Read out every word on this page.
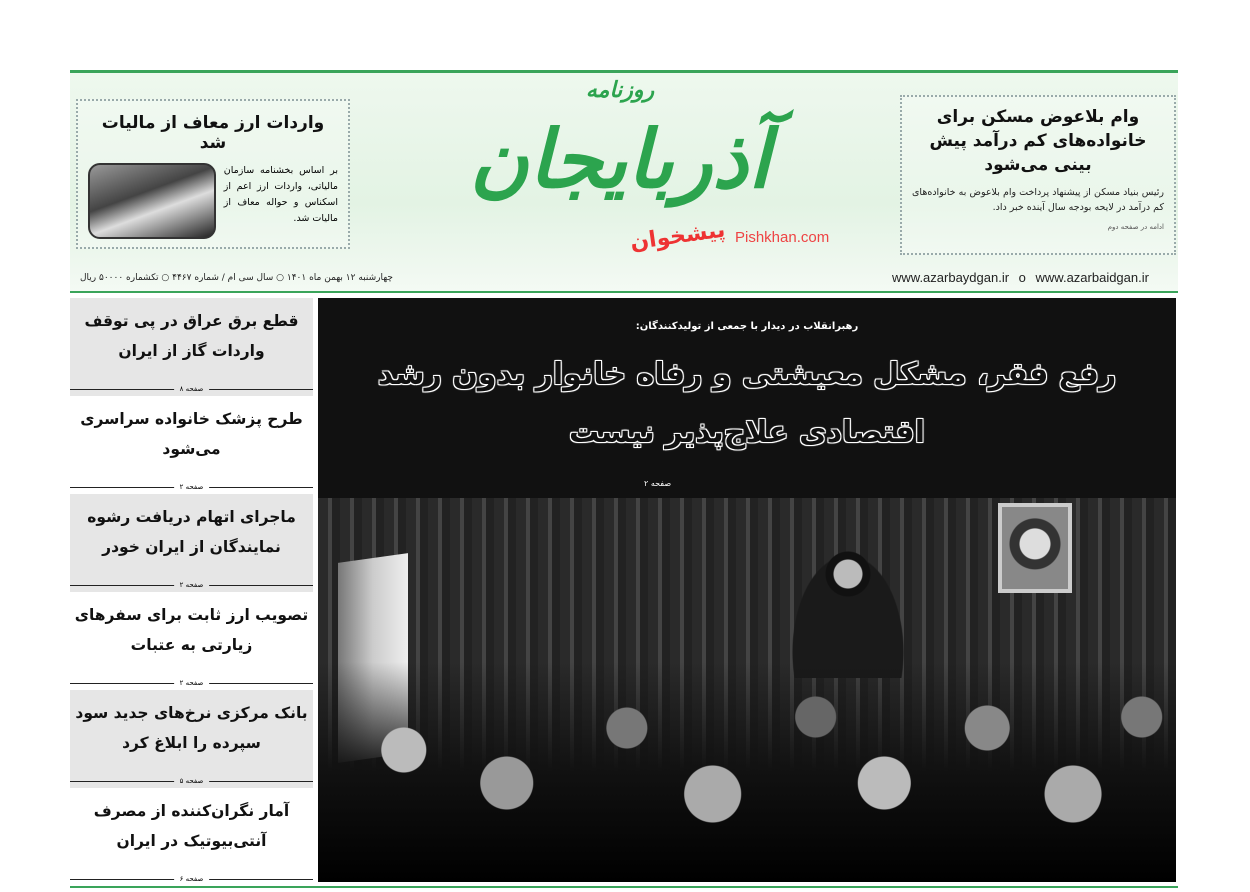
وام بلاعوض مسکن برای خانواده‌های کم درآمد پیش بینی می‌شود

رئیس بنیاد مسکن از پیشنهاد پرداخت وام بلاعوض به خانواده‌های کم درآمد در لایحه بودجه سال آینده خبر داد.

ادامه در صفحه دوم
روزنامه
آذربایجان
پیشخوان Pishkhan.com
واردات ارز معاف از مالیات شد

بر اساس بخشنامه سازمان مالیاتی، واردات ارز اعم از اسکناس و حواله معاف از مالیات شد.

چهارشنبه ۱۲ بهمن ماه ۱۴۰۱ ○ سال سی ام / شماره ۴۴۶۷ ○ تکشماره ۵۰۰۰۰ ریال	www.azarbaydgan.ir o www.azarbaidgan.ir
قطع برق عراق در پی توقف واردات گاز از ایران
صفحه ۸
طرح پزشک خانواده سراسری می‌شود
صفحه ۲
ماجرای اتهام دریافت رشوه نمایندگان از ایران خودر
صفحه ۲
تصویب ارز ثابت برای سفرهای زیارتی به عتبات
صفحه ۲
بانک مرکزی نرخ‌های جدید سود سپرده را ابلاغ کرد
صفحه ۵
آمار نگران‌کننده از مصرف آنتی‌بیوتیک در ایران
صفحه ۶
رهبرانقلاب در دیدار با جمعی از تولیدکنندگان:
رفع فقر، مشکل معیشتی و رفاه خانوار بدون رشد اقتصادی علاج‌پذیر نیست
صفحه ۲
